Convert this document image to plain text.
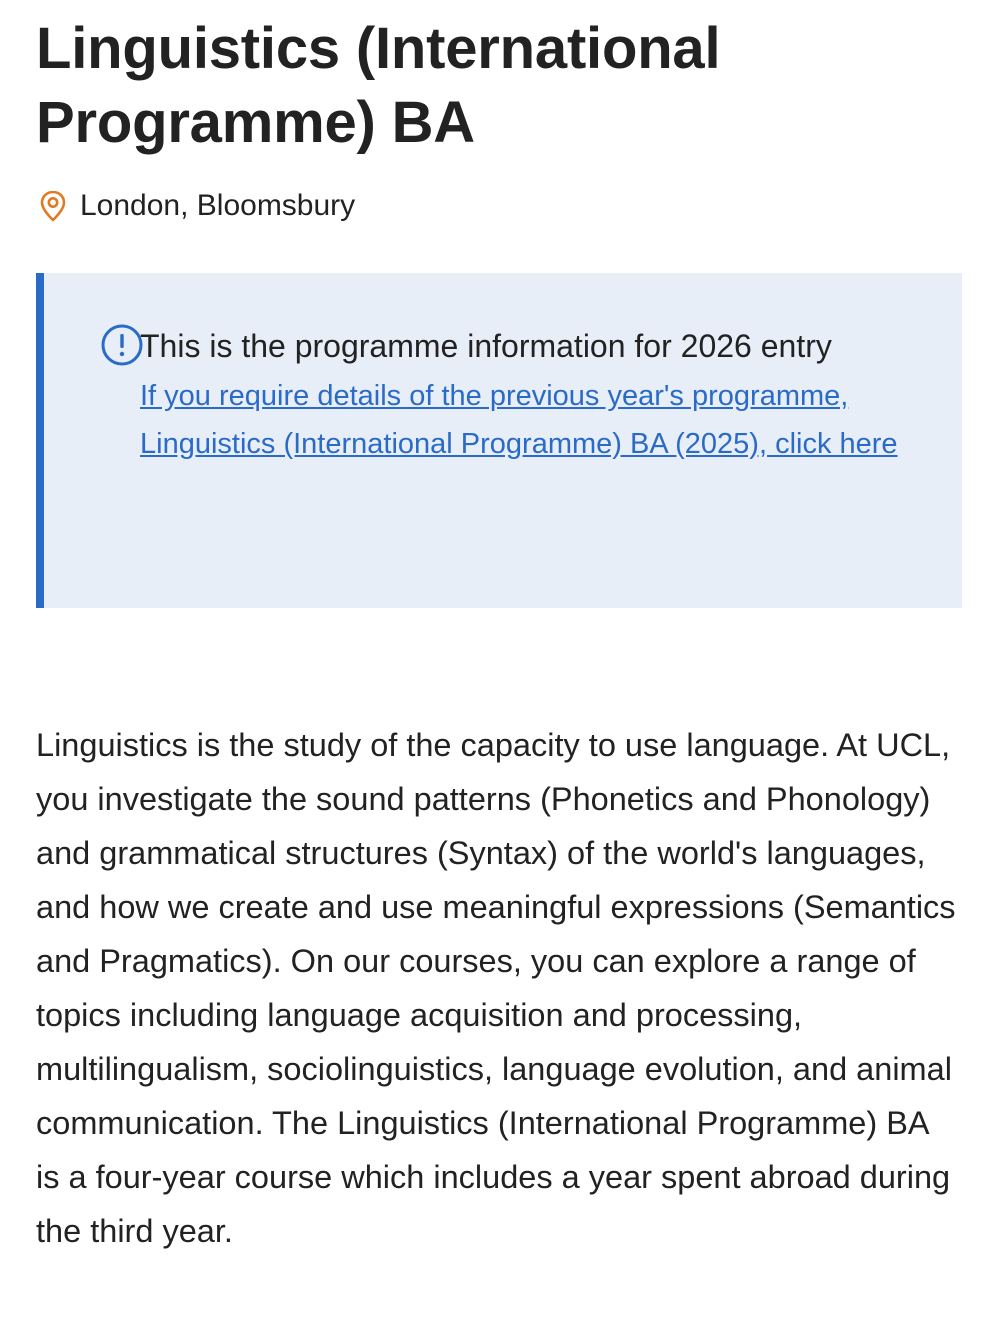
Linguistics (International Programme) BA
London, Bloomsbury

This is the programme information for 2026 entry

If you require details of the previous year's programme, Linguistics (International Programme) BA (2025), click here

Linguistics is the study of the capacity to use language. At UCL, you investigate the sound patterns (Phonetics and Phonology) and grammatical structures (Syntax) of the world's languages, and how we create and use meaningful expressions (Semantics and Pragmatics). On our courses, you can explore a range of topics including language acquisition and processing, multilingualism, sociolinguistics, language evolution, and animal communication. The Linguistics (International Programme) BA is a four-year course which includes a year spent abroad during the third year.
